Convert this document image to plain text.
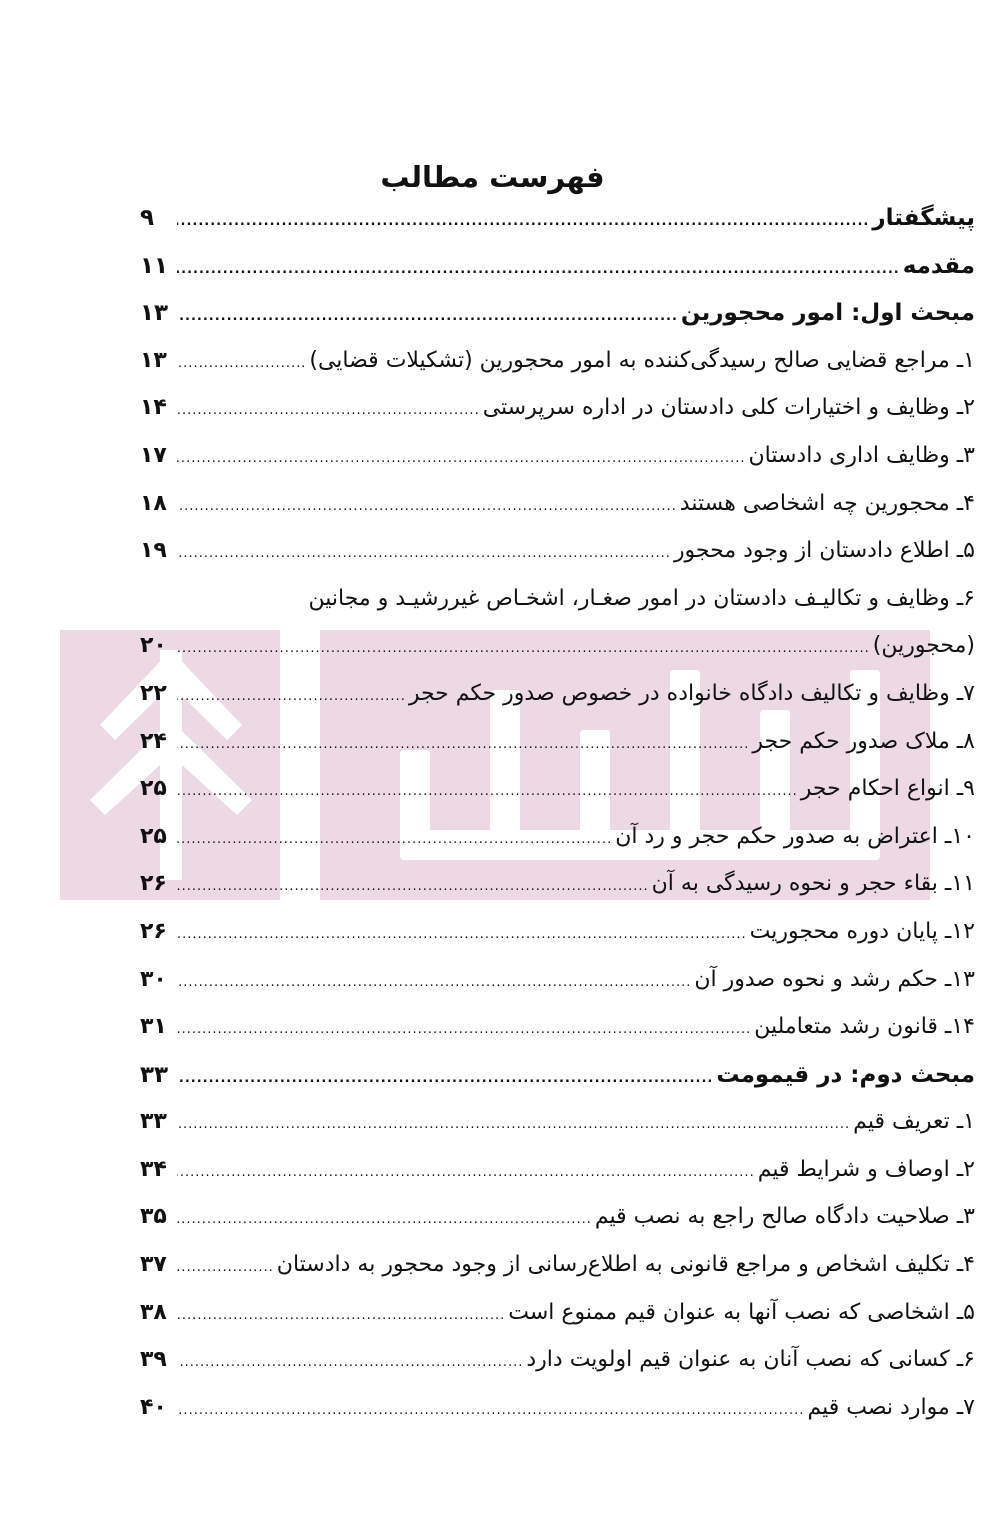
فهرست مطالب
پیشگفتار
.....
۹
مقدمه
.....
۱۱
مبحث اول: امور محجورین
.....
۱۳
۱ـ مراجع قضایی صالح رسیدگی‌کننده به امور محجورین (تشکیلات قضایی)
.....
۱۳
۲ـ وظایف و اختیارات کلی دادستان در اداره سرپرستی
.....
۱۴
۳ـ وظایف اداری دادستان
.....
۱۷
۴ـ محجورین چه اشخاصی هستند
.....
۱۸
۵ـ اطلاع دادستان از وجود محجور
.....
۱۹
۶ـ وظایف و تکالیـف دادستان در امور صغـار، اشخـاص غیررشیـد و مجانین
(محجورین)
.....
۲۰
۷ـ وظایف و تکالیف دادگاه خانواده در خصوص صدور حکم حجر
.....
۲۲
۸ـ ملاک صدور حکم حجر
.....
۲۴
۹ـ انواع احکام حجر
.....
۲۵
۱۰ـ اعتراض به صدور حکم حجر و رد آن
.....
۲۵
۱۱ـ بقاء حجر و نحوه رسیدگی به آن
.....
۲۶
۱۲ـ پایان دوره محجوریت
.....
۲۶
۱۳ـ حکم رشد و نحوه صدور آن
.....
۳۰
۱۴ـ قانون رشد متعاملین
.....
۳۱
مبحث دوم: در قیمومت
.....
۳۳
۱ـ تعریف قیم
.....
۳۳
۲ـ اوصاف و شرایط قیم
.....
۳۴
۳ـ صلاحیت دادگاه صالح راجع به نصب قیم
.....
۳۵
۴ـ تکلیف اشخاص و مراجع قانونی به اطلاع‌رسانی از وجود محجور به دادستان
.....
۳۷
۵ـ اشخاصی که نصب آنها به عنوان قیم ممنوع است
.....
۳۸
۶ـ کسانی که نصب آنان به عنوان قیم اولویت دارد
.....
۳۹
۷ـ موارد نصب قیم
.....
۴۰
